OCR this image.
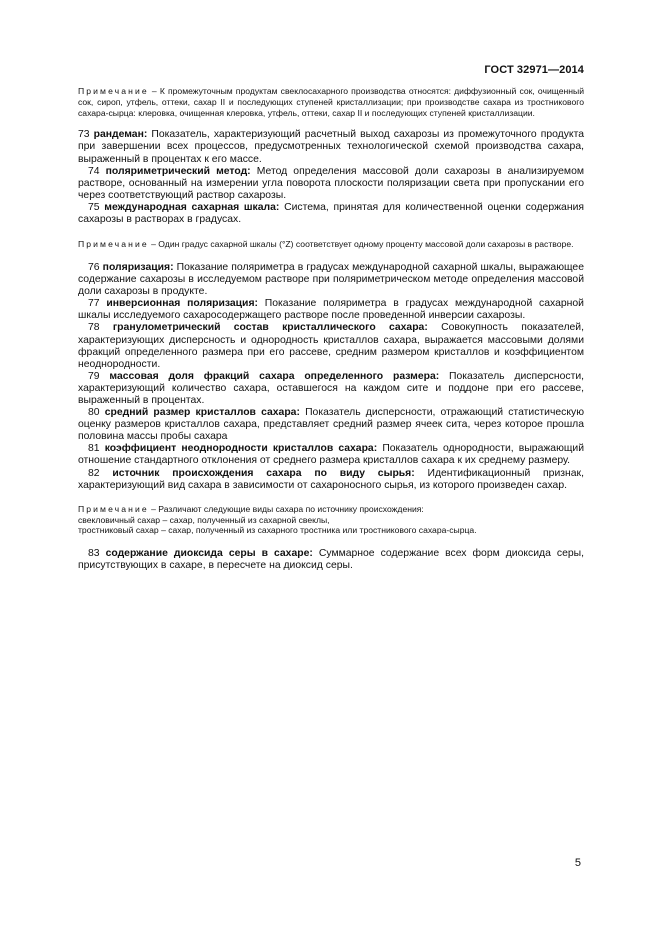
ГОСТ 32971—2014

Примечание – К промежуточным продуктам свеклосахарного производства относятся: диффузионный сок, очищенный сок, сироп, утфель, оттеки, сахар II и последующих ступеней кристаллизации; при производстве сахара из тростникового сахара-сырца: клеровка, очищенная клеровка, утфель, оттеки, сахар II и последующих ступеней кристаллизации.

73 рандеман: Показатель, характеризующий расчетный выход сахарозы из промежуточного продукта при завершении всех процессов, предусмотренных технологической схемой производства сахара, выраженный в процентах к его массе.

74 поляриметрический метод: Метод определения массовой доли сахарозы в анализируемом растворе, основанный на измерении угла поворота плоскости поляризации света при пропускании его через соответствующий раствор сахарозы.

75 международная сахарная шкала: Система, принятая для количественной оценки содержания сахарозы в растворах в градусах.

Примечание – Один градус сахарной шкалы (°Z) соответствует одному проценту массовой доли сахарозы в растворе.

76 поляризация: Показание поляриметра в градусах международной сахарной шкалы, выражающее содержание сахарозы в исследуемом растворе при поляриметрическом методе определения массовой доли сахарозы в продукте.

77 инверсионная поляризация: Показание поляриметра в градусах международной сахарной шкалы исследуемого сахаросодержащего растворе после проведенной инверсии сахарозы.

78 гранулометрический состав кристаллического сахара: Совокупность показателей, характеризующих дисперсность и однородность кристаллов сахара, выражается массовыми долями фракций определенного размера при его рассеве, средним размером кристаллов и коэффициентом неоднородности.

79 массовая доля фракций сахара определенного размера: Показатель дисперсности, характеризующий количество сахара, оставшегося на каждом сите и поддоне при его рассеве, выраженный в процентах.

80 средний размер кристаллов сахара: Показатель дисперсности, отражающий статистическую оценку размеров кристаллов сахара, представляет средний размер ячеек сита, через которое прошла половина массы пробы сахара

81 коэффициент неоднородности кристаллов сахара: Показатель однородности, выражающий отношение стандартного отклонения от среднего размера кристаллов сахара к их среднему размеру.

82 источник происхождения сахара по виду сырья: Идентификационный признак, характеризующий вид сахара в зависимости от сахароносного сырья, из которого произведен сахар.

Примечание – Различают следующие виды сахара по источнику происхождения:

свекловичный сахар – сахар, полученный из сахарной свеклы,

тростниковый сахар – сахар, полученный из сахарного тростника или тростникового сахара-сырца.

83 содержание диоксида серы в сахаре: Суммарное содержание всех форм диоксида серы, присутствующих в сахаре, в пересчете на диоксид серы.

5
